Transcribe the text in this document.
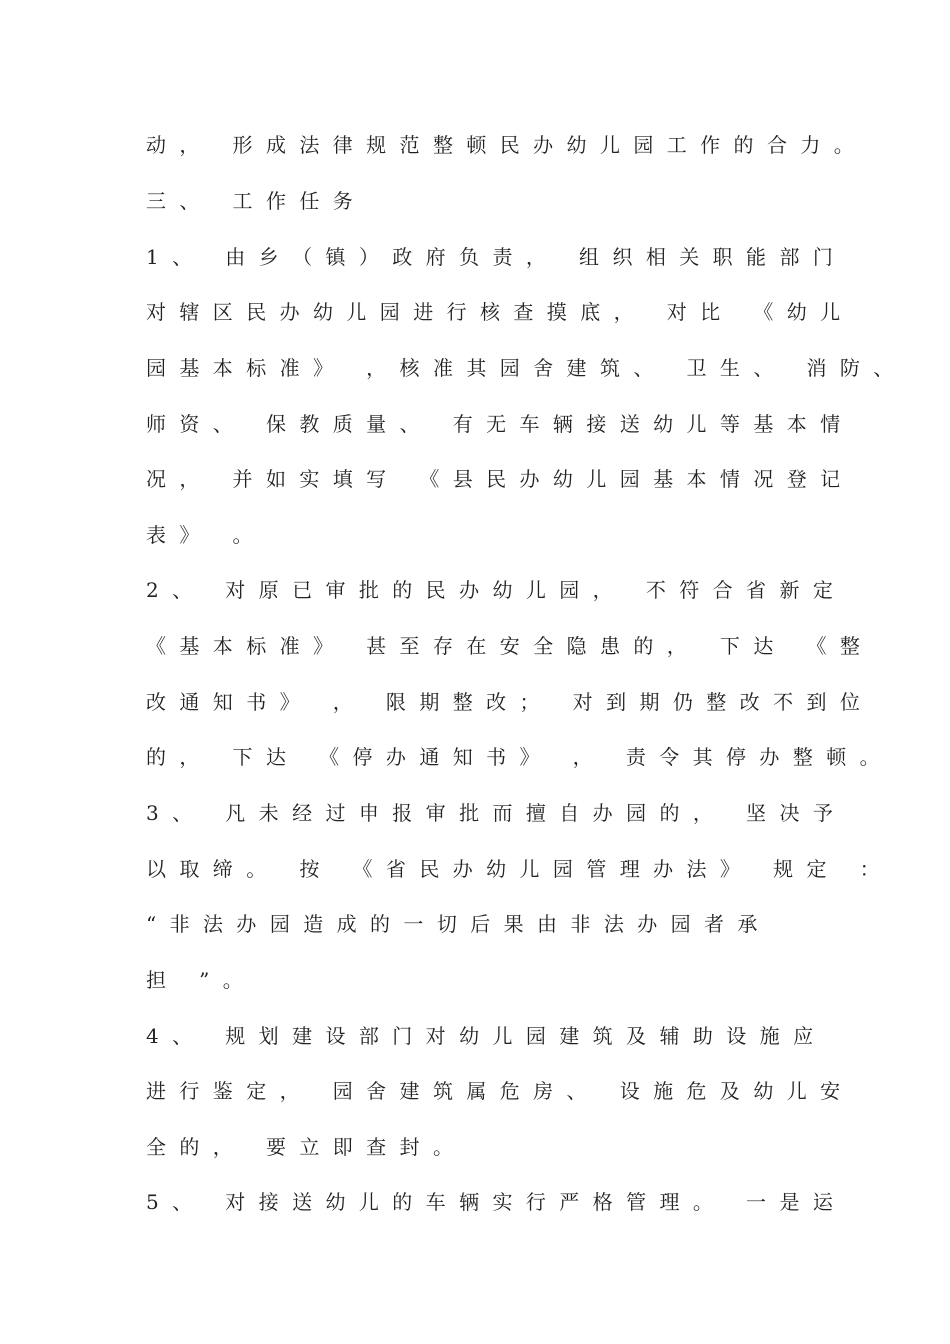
动， 形成法律规范整顿民办幼儿园工作的合力。
三、 工作任务
1、 由乡（镇）政府负责， 组织相关职能部门
对辖区民办幼儿园进行核查摸底， 对比 《幼儿
园基本标准》 ，核准其园舍建筑、 卫生、 消防、
师资、 保教质量、 有无车辆接送幼儿等基本情
况， 并如实填写 《县民办幼儿园基本情况登记
表》 。
2、 对原已审批的民办幼儿园， 不符合省新定
《基本标准》 甚至存在安全隐患的， 下达 《整
改通知书》 ， 限期整改； 对到期仍整改不到位
的， 下达 《停办通知书》 ， 责令其停办整顿。
3、 凡未经过申报审批而擅自办园的， 坚决予
以取缔。 按 《省民办幼儿园管理办法》 规定 ：
“非法办园造成的一切后果由非法办园者承
担 ”。
4、 规划建设部门对幼儿园建筑及辅助设施应
进行鉴定， 园舍建筑属危房、 设施危及幼儿安
全的， 要立即查封。
5、 对接送幼儿的车辆实行严格管理。 一是运
